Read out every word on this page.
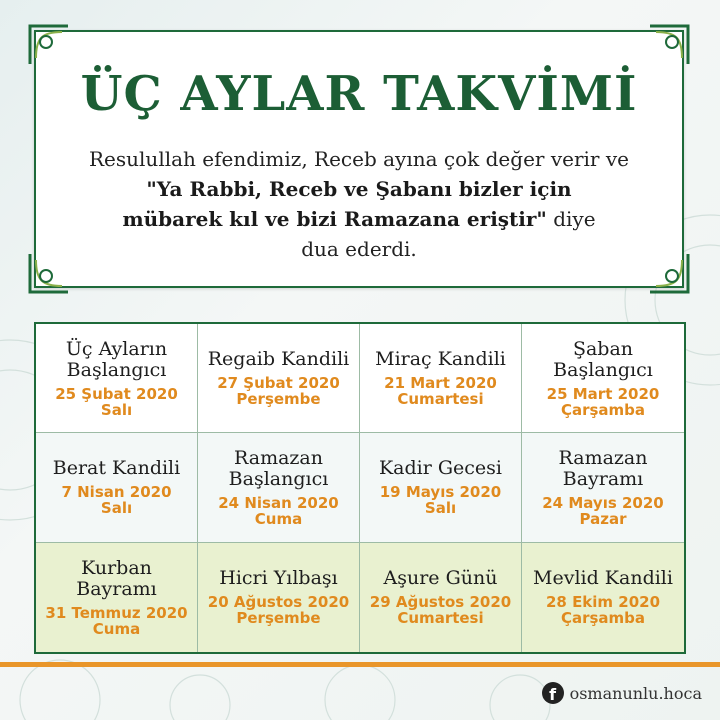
ÜÇ AYLAR TAKVİMİ
Resulullah efendimiz, Receb ayına çok değer verir ve
"Ya Rabbi, Receb ve Şabanı bizler için
mübarek kıl ve bizi Ramazana eriştir" diye
dua ederdi.
Üç Ayların Başlangıcı
25 Şubat 2020
Salı
Regaib Kandili
27 Şubat 2020
Perşembe
Miraç Kandili
21 Mart 2020
Cumartesi
Şaban Başlangıcı
25 Mart 2020
Çarşamba
Berat Kandili
7 Nisan 2020
Salı
Ramazan Başlangıcı
24 Nisan 2020
Cuma
Kadir Gecesi
19 Mayıs 2020
Salı
Ramazan Bayramı
24 Mayıs 2020
Pazar
Kurban Bayramı
31 Temmuz 2020
Cuma
Hicri Yılbaşı
20 Ağustos 2020
Perşembe
Aşure Günü
29 Ağustos 2020
Cumartesi
Mevlid Kandili
28 Ekim 2020
Çarşamba
f osmanunlu.hoca
